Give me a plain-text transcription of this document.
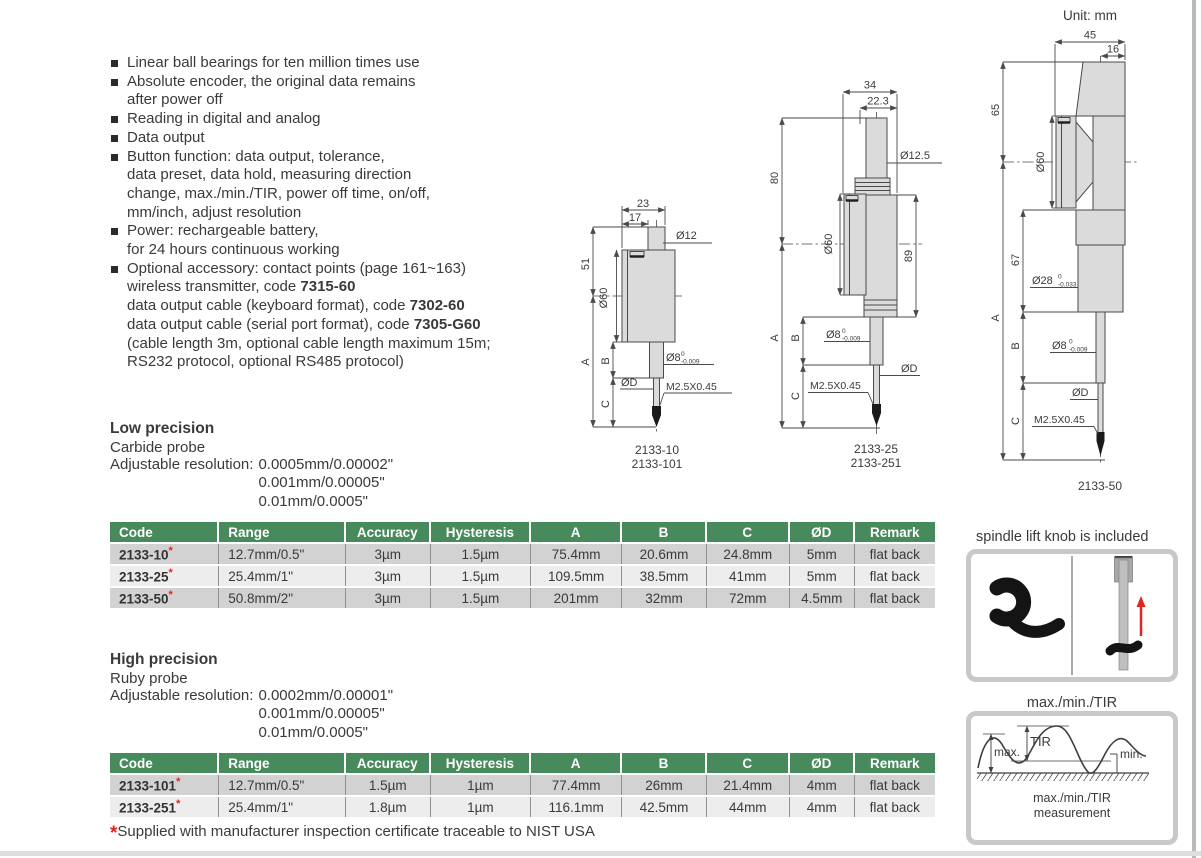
Unit: mm
Linear ball bearings for ten million times use
Absolute encoder, the original data remains
after power off
Reading in digital and analog
Data output
Button function: data output, tolerance,
data preset, data hold, measuring direction
change, max./min./TIR, power off time, on/off,
mm/inch, adjust resolution
Power: rechargeable battery,
for 24 hours continuous working
Optional accessory: contact points (page 161~163)
wireless transmitter, code 7315-60
data output cable (keyboard format), code 7302-60
data output cable (serial port format), code 7305-G60
(cable length 3m, optional cable length maximum 15m;
RS232 protocol, optional RS485 protocol)
Low precision
Carbide probe
Adjustable resolution: 0.0005mm/0.00002"
0.001mm/0.00005"
0.01mm/0.0005"
Code	Range	Accuracy	Hysteresis	A	B	C	ØD	Remark
2133-10*	12.7mm/0.5"	3µm	1.5µm	75.4mm	20.6mm	24.8mm	5mm	flat back
2133-25*	25.4mm/1"	3µm	1.5µm	109.5mm	38.5mm	41mm	5mm	flat back
2133-50*	50.8mm/2"	3µm	1.5µm	201mm	32mm	72mm	4.5mm	flat back
High precision
Ruby probe
Adjustable resolution: 0.0002mm/0.00001"
0.001mm/0.00005"
0.01mm/0.0005"
Code	Range	Accuracy	Hysteresis	A	B	C	ØD	Remark
2133-101*	12.7mm/0.5"	1.5µm	1µm	77.4mm	26mm	21.4mm	4mm	flat back
2133-251*	25.4mm/1"	1.8µm	1µm	116.1mm	42.5mm	44mm	4mm	flat back
*Supplied with manufacturer inspection certificate traceable to NIST USA
23
17
Ø12
51
Ø60
A B
C
Ø8 0
-0.009
ØD	M2.5X0.45
2133-10
2133-101
34
22.3
Ø12.5
80
Ø60
89
A B
C
Ø8 0
-0.009
ØD
M2.5X0.45
2133-25
2133-251
45
16
65
Ø60
67
A
B
C
Ø28 0
-0.033
Ø8 0
-0.009
ØD
M2.5X0.45
2133-50
spindle lift knob is included
max./min./TIR
max.
TIR
min.
max./min./TIR
measurement
